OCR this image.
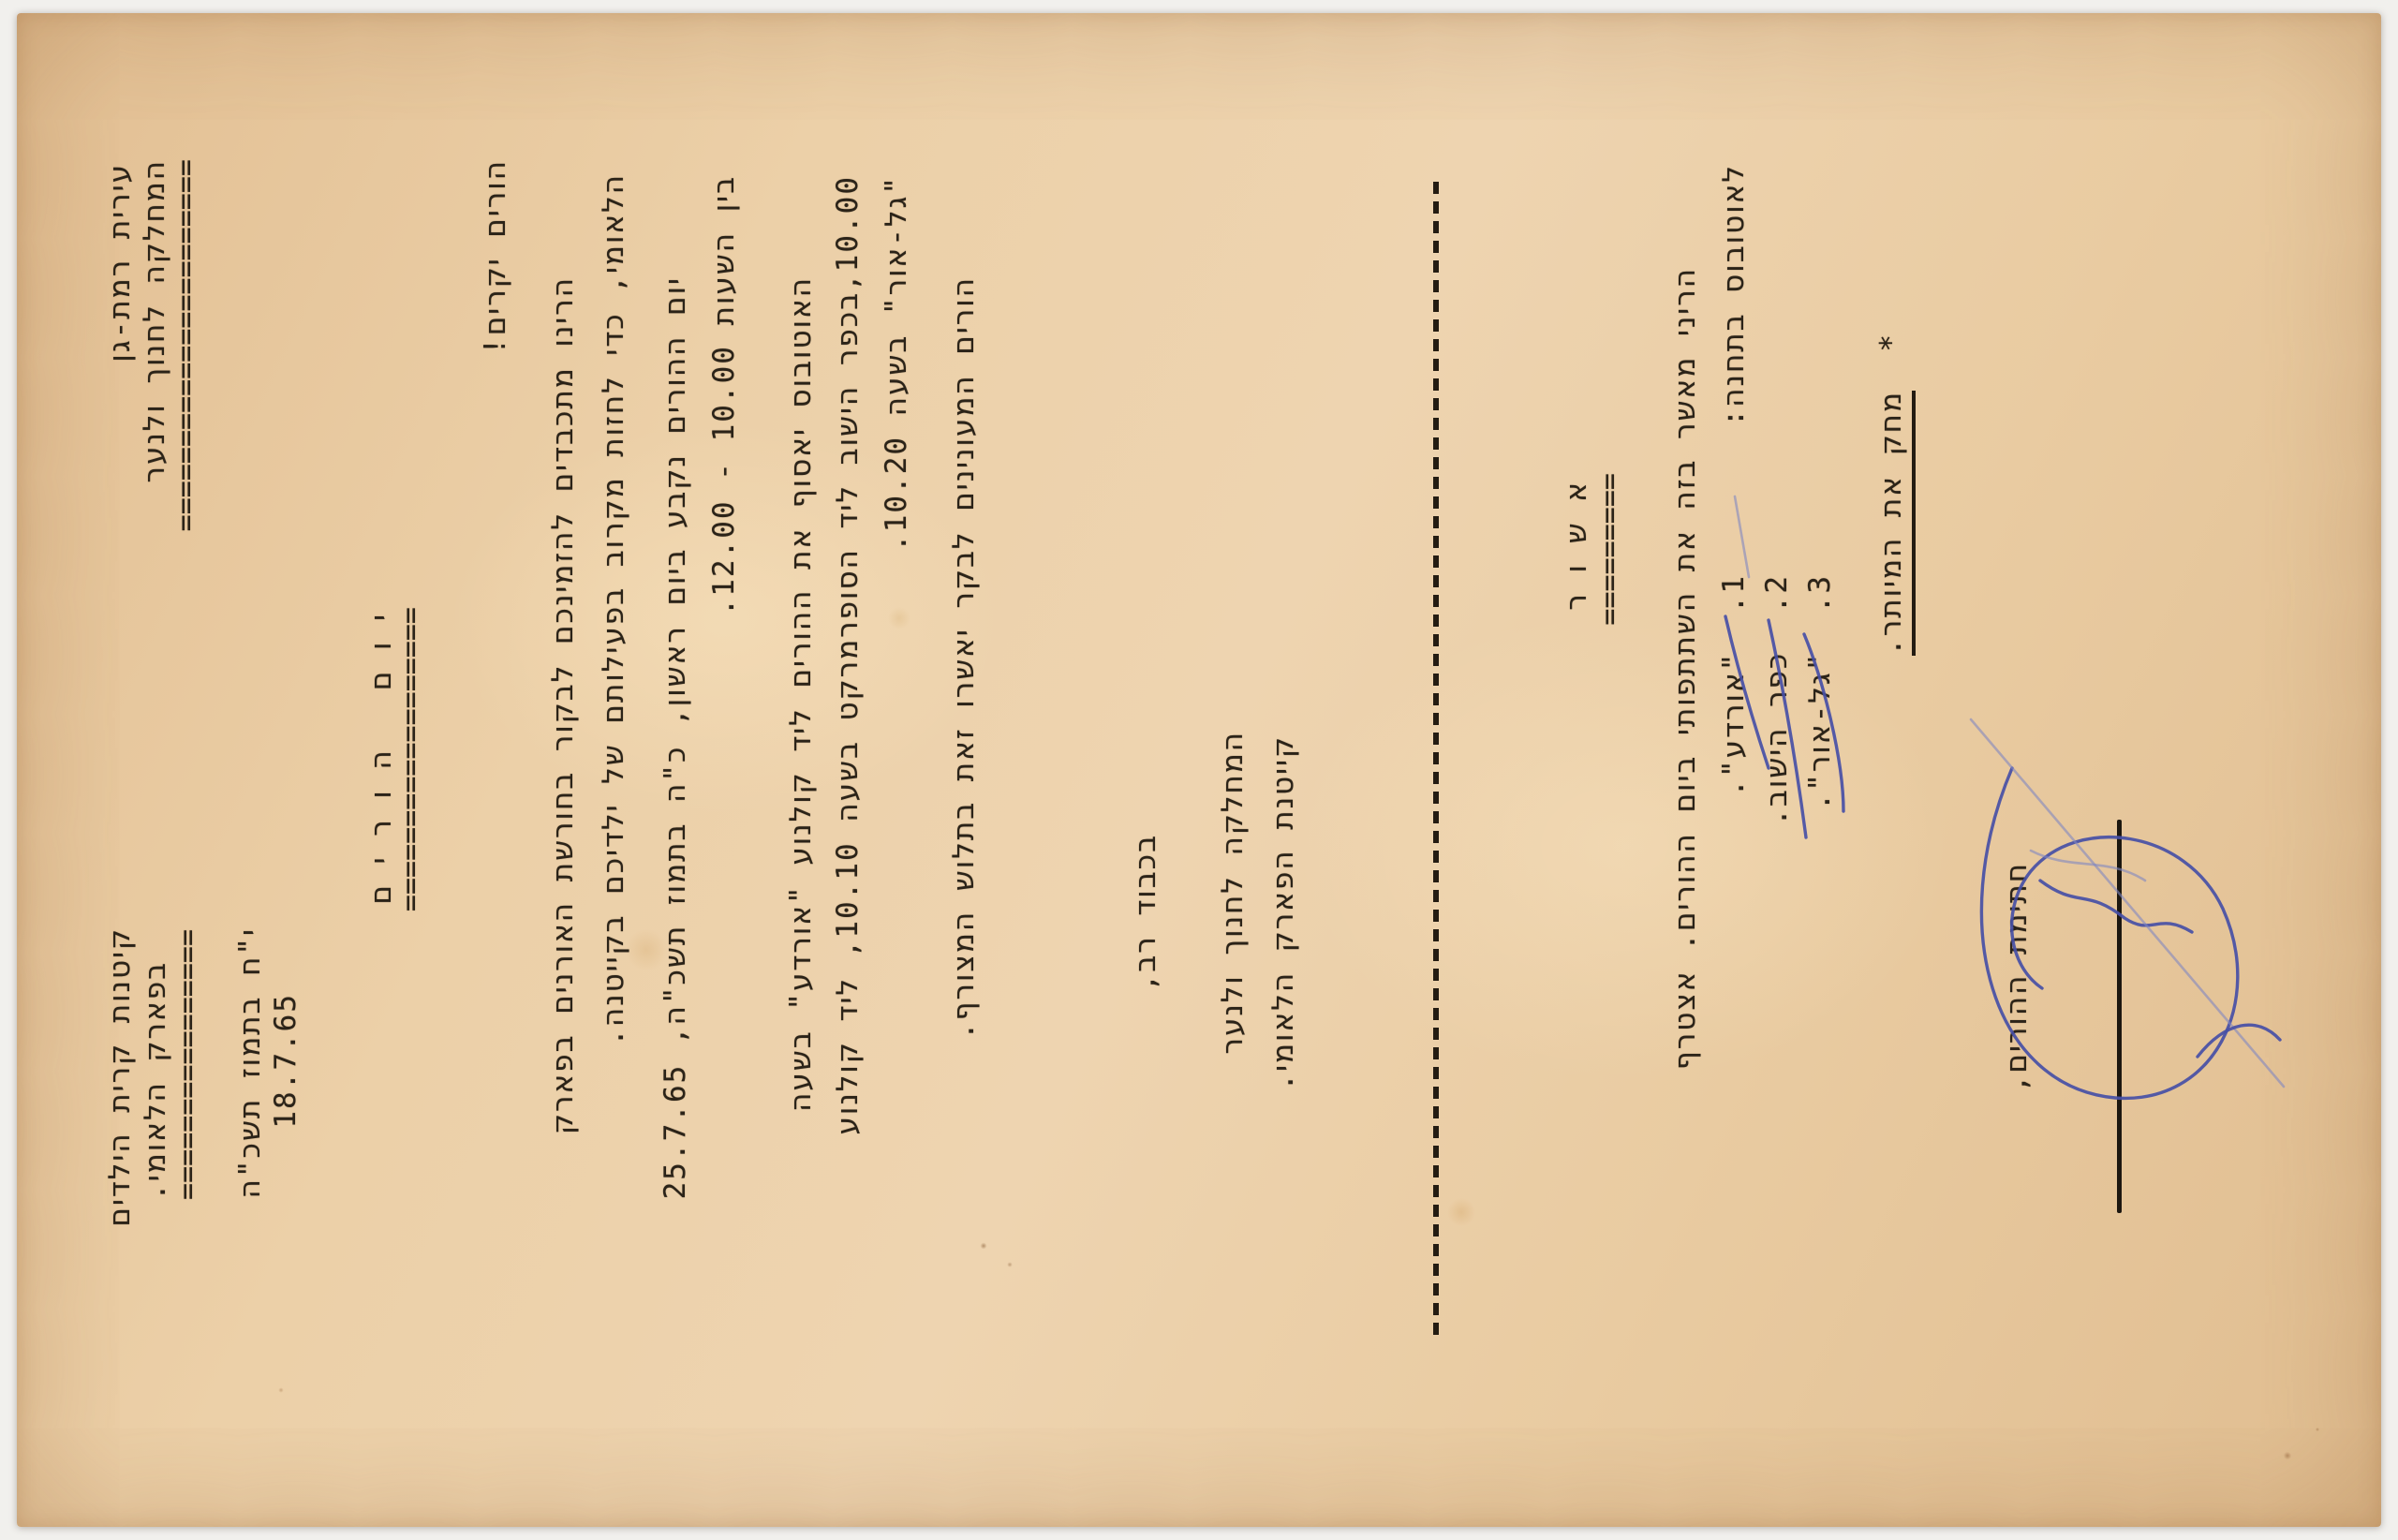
עירית רמת-גן המחלקה לחנוך ולנער
======================
קיטנות קרית הילדים בפארק הלאומי. ================ י"ח בתמוז תשכ"ה 18.7.65
י ו ם   ה ו ר י ם
==================
הורים יקרים!
הרינו מתכבדים להזמינכם לבקור בחורשת האורנים בפארק הלאומי, כדי לחזות מקרוב בפעילותם של ילדיכם בקייטנה.
יום ההורים נקבע ביום ראשון, כ"ה בתמוז תשכ"ה, 25.7.65 בין השעות 10.00 - 12.00.
האוטובוס יאסוף את ההורים ליד קולנוע "אורדע" בשעה 10.00,בכפר הישוב ליד הסופרמרקט בשעה 10.10, ליד קולנוע
"גל-אור" בשעה 10.20. הורים המעונינים לבקר יאשרו זאת בתלוש המצורף.	בכבוד רב, המחלקה לחנוך ולנער קייטנת הפארק הלאומי.
א ש ו ר ========= הריני מאשר בזה את השתתפותי ביום ההורים. אצטרף לאוטובוס בתחנה:
1.  "אורדע".
2.  כפר הישוב.
3.  "גל-אור".
*  מחק את המיותר.
חתימת ההורים,
